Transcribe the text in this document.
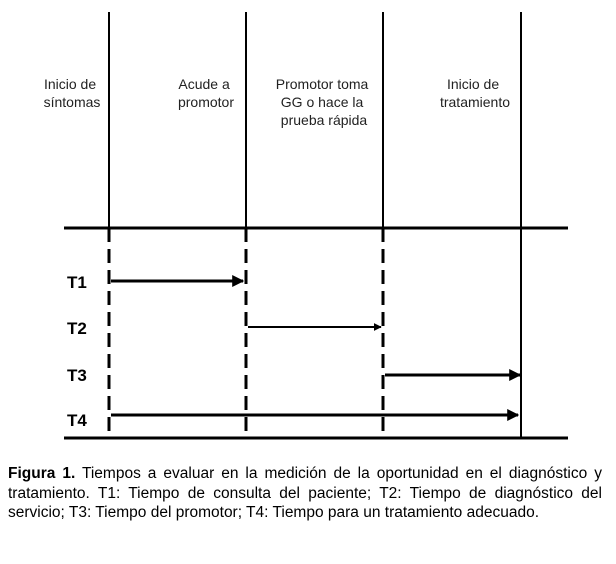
Inicio de síntomas
Acude a promotor
Promotor toma GG o hace la prueba rápida
Inicio de tratamiento
T1
T2
T3
T4
Figura 1. Tiempos a evaluar en la medición de la oportunidad en el diagnóstico y tratamiento. T1: Tiempo de consulta del paciente; T2: Tiempo de diagnóstico del servicio; T3: Tiempo del promotor; T4: Tiempo para un tratamiento adecuado.
